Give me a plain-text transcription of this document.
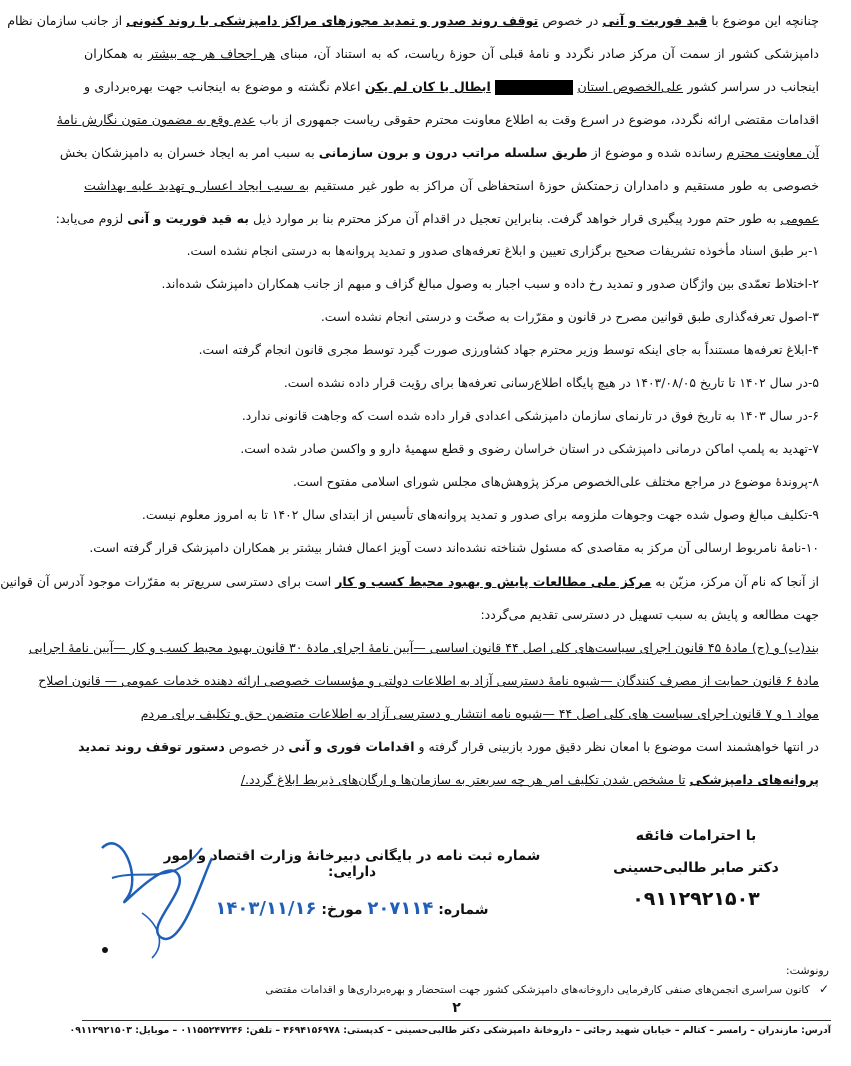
چنانچه این موضوع با قید فوریت و آنی در خصوص توقف روند صدور و تمدید مجوزهای مراکز دامپزشکی با روند کنونی از جانب سازمان نظام
دامپزشکی کشور از سمت آن مرکز صادر نگردد و نامهٔ قبلی آن حوزهٔ ریاست، که به استناد آن، مبنای هر اجحاف هر چه بیشتر به همکاران
اینجانب در سراسر کشور علی‌الخصوص استان  ابطال یا کان لم یکن اعلام نگشته و موضوع به اینجانب جهت بهره‌برداری و
اقدامات مقتضی ارائه نگردد، موضوع در اسرع وقت به اطلاع معاونت محترم حقوقی ریاست جمهوری از باب عدم وقع به مضمون متون نگارش نامهٔ
آن معاونت محترم رسانده شده و موضوع از طریق سلسله مراتب درون و برون سازمانی به سبب امر به ایجاد خسران به دامپزشکان بخش
خصوصی به طور مستقیم و دامداران زحمتکش حوزهٔ استحفاظی آن مراکز به طور غیر مستقیم به سبب ایجاد اعسار و تهدید علیه بهداشت
عمومی به طور حتم مورد پیگیری قرار خواهد گرفت. بنابراین تعجیل در اقدام آن مرکز محترم بنا بر موارد ذیل به قید فوریت و آنی لزوم می‌یابد:
۱-بر طبق اسناد مأخوذه تشریفات صحیح برگزاری تعیین و ابلاغ تعرفه‌های صدور و تمدید پروانه‌ها به درستی انجام نشده است.
۲-اختلاط تعمّدی بین واژگان صدور و تمدید رخ داده و سبب اجبار به وصول مبالغ گزاف و مبهم از جانب همکاران دامپزشک شده‌اند.
۳-اصول تعرفه‌گذاری طبق قوانین مصرح در قانون و مقرّرات به صحّت و درستی انجام نشده است.
۴-ابلاغ تعرفه‌ها مستنداً به جای اینکه توسط وزیر محترم جهاد کشاورزی صورت گیرد توسط مجری قانون انجام گرفته است.
۵-در سال ۱۴۰۲ تا تاریخ ۱۴۰۳/۰۸/۰۵ در هیچ پایگاه اطلاع‌رسانی تعرفه‌ها برای رؤیت قرار داده نشده است.
۶-در سال ۱۴۰۳ به تاریخ فوق در تارنمای سازمان دامپزشکی اعدادی قرار داده شده است که وجاهت قانونی ندارد.
۷-تهدید به پلمپ اماکن درمانی دامپزشکی در استان خراسان رضوی و قطع سهمیهٔ دارو و واکسن صادر شده است.
۸-پروندهٔ موضوع در مراجع مختلف علی‌الخصوص مرکز پژوهش‌های مجلس شورای اسلامی مفتوح است.
۹-تکلیف مبالغ وصول شده جهت وجوهات ملزومه برای صدور و تمدید پروانه‌های تأسیس از ابتدای سال ۱۴۰۲ تا به امروز معلوم نیست.
۱۰-نامهٔ نامربوط ارسالی آن مرکز به مقاصدی که مسئول شناخته نشده‌اند دست آویز اعمال فشار بیشتر بر همکاران دامپزشک قرار گرفته است.
از آنجا که نام آن مرکز، مزیّن به مرکز ملی مطالعات پایش و بهبود محیط کسب و کار است برای دسترسی سریع‌تر به مقرّرات موجود آدرس آن قوانین
جهت مطالعه و پایش به سبب تسهیل در دسترسی تقدیم می‌گردد:
بند(ب) و (ج) مادهٔ ۴۵ قانون اجرای سیاست‌های کلی اصل ۴۴ قانون اساسی —آیین نامهٔ اجرای مادهٔ ۳۰ قانون بهبود محیط کسب و کار —آیین نامهٔ اجرایی
مادهٔ ۶ قانون حمایت از مصرف کنندگان —شیوه نامهٔ دسترسی آزاد به اطلاعات دولتی و مؤسسات خصوصی ارائه دهنده خدمات عمومی — قانون اصلاح
مواد ۱ و ۷ قانون اجرای سیاست های کلی اصل ۴۴ —شیوه نامه انتشار و دسترسی آزاد به اطلاعات متضمن حق و تکلیف برای مردم
در انتها خواهشمند است موضوع با امعان نظر دقیق مورد بازبینی قرار گرفته و اقدامات فوری و آنی در خصوص دستور توقف روند تمدید
پروانه‌های دامپزشکی تا مشخص شدن تکلیف امر هر چه سریعتر به سازمان‌ها و ارگان‌های ذیربط ابلاغ گردد./
با احترامات فائقه
دکتر صابر طالبی‌حسینی
۰۹۱۱۲۹۲۱۵۰۳
شماره ثبت نامه در بایگانی دبیرخانهٔ وزارت اقتصاد و امور دارایی:
شماره: ۲۰۷۱۱۴ مورخ: ۱۴۰۳/۱۱/۱۶
رونوشت:
✓ کانون سراسری انجمن‌های صنفی کارفرمایی داروخانه‌های دامپزشکی کشور جهت استحضار و بهره‌برداری‌ها و اقدامات مقتضی
۲
آدرس: مازندران – رامسر – کتالم – خیابان شهید رجائی – داروخانهٔ دامپزشکی دکتر طالبی‌حسینی – کدپستی: ۴۶۹۴۱۵۶۹۷۸ – تلفن: ۰۱۱۵۵۲۴۷۲۴۶ – موبایل: ۰۹۱۱۲۹۲۱۵۰۳
